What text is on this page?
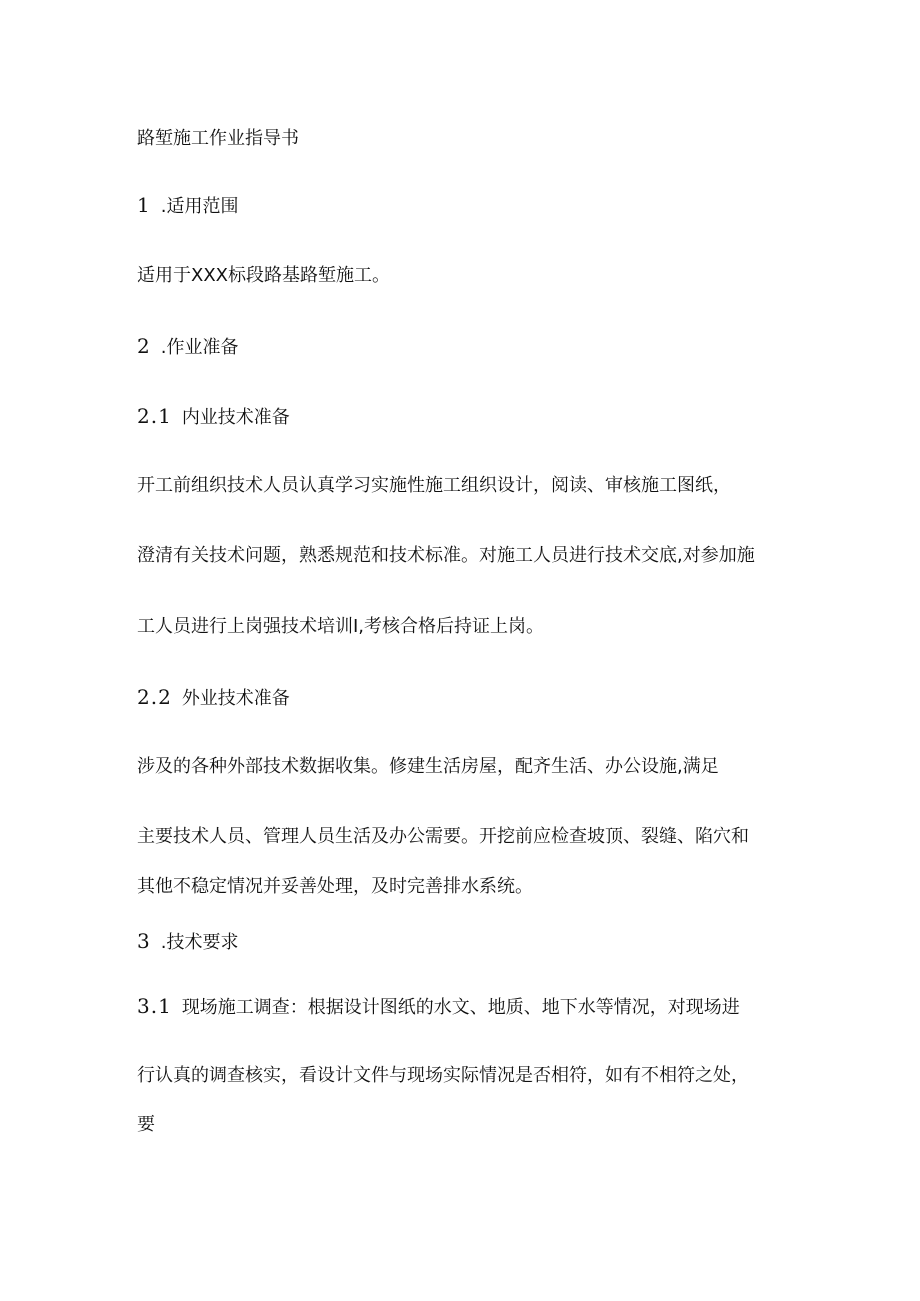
路堑施工作业指导书

1 .适用范围

适用于XXX标段路基路堑施工。

2 .作业准备

2.1 内业技术准备

开工前组织技术人员认真学习实施性施工组织设计，阅读、审核施工图纸，

澄清有关技术问题，熟悉规范和技术标准。对施工人员进行技术交底,对参加施

工人员进行上岗强技术培训I,考核合格后持证上岗。

2.2 外业技术准备

涉及的各种外部技术数据收集。修建生活房屋，配齐生活、办公设施,满足

主要技术人员、管理人员生活及办公需要。开挖前应检查坡顶、裂缝、陷穴和

其他不稳定情况并妥善处理，及时完善排水系统。

3 .技术要求

3.1 现场施工调查：根据设计图纸的水文、地质、地下水等情况，对现场进

行认真的调查核实，看设计文件与现场实际情况是否相符，如有不相符之处，

要
